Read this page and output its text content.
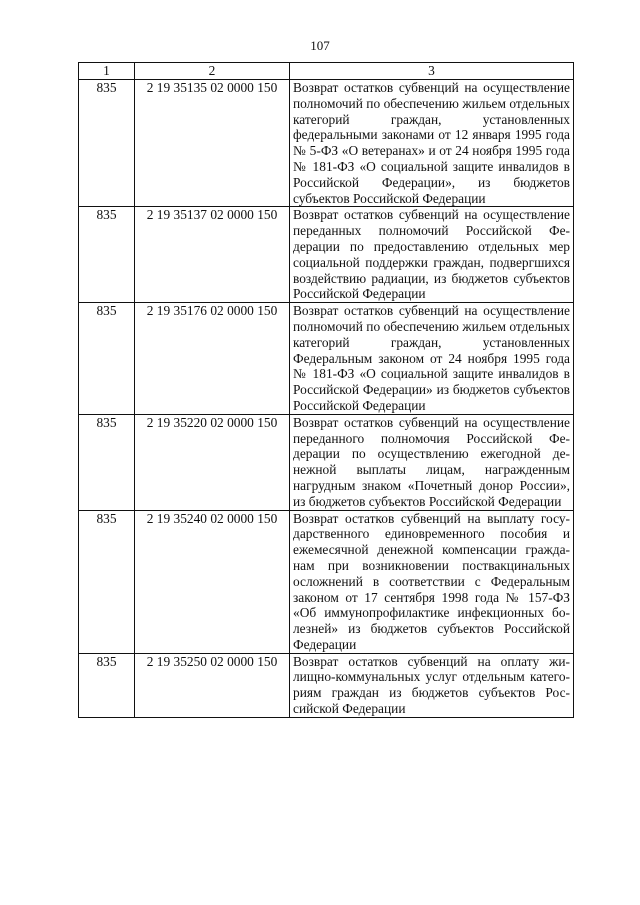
107
1	2	3
835	2 19 35135 02 0000 150	Возврат остатков субвенций на осуществление полномочий по обеспечению жильем отдельных категорий граждан, установленных федеральными законами от 12 января 1995 года № 5-ФЗ «О ветеранах» и от 24 ноября 1995 года № 181-ФЗ «О социальной защите инвалидов в Российской Федерации», из бюджетов субъектов Российской Федерации
835	2 19 35137 02 0000 150	Возврат остатков субвенций на осуществление переданных полномочий Российской Федерации по предоставлению отдельных мер социальной поддержки граждан, подвергшихся воздействию радиации, из бюджетов субъектов Российской Федерации
835	2 19 35176 02 0000 150	Возврат остатков субвенций на осуществление полномочий по обеспечению жильем отдельных категорий граждан, установленных Федеральным законом от 24 ноября 1995 года № 181-ФЗ «О социальной защите инвалидов в Российской Федерации» из бюджетов субъектов Российской Федерации
835	2 19 35220 02 0000 150	Возврат остатков субвенций на осуществление переданного полномочия Российской Федерации по осуществлению ежегодной денежной выплаты лицам, награжденным нагрудным знаком «Почетный донор России», из бюджетов субъектов Российской Федерации
835	2 19 35240 02 0000 150	Возврат остатков субвенций на выплату государственного единовременного пособия и ежемесячной денежной компенсации гражданам при возникновении поствакцинальных осложнений в соответствии с Федеральным законом от 17 сентября 1998 года № 157-ФЗ «Об иммунопрофилактике инфекционных болезней» из бюджетов субъектов Российской Федерации
835	2 19 35250 02 0000 150	Возврат остатков субвенций на оплату жилищно-коммунальных услуг отдельным категориям граждан из бюджетов субъектов Российской Федерации
